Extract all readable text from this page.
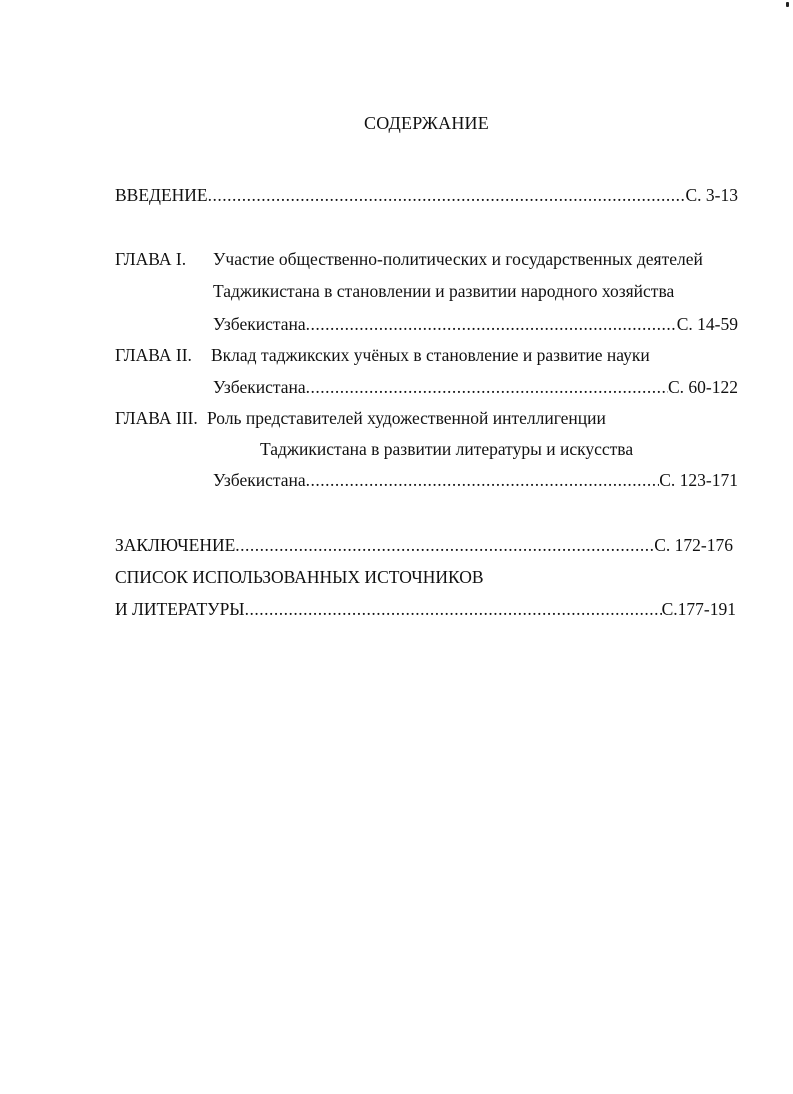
СОДЕРЖАНИЕ
ВВЕДЕНИЕ .....	С. 3-13
ГЛАВА I. Участие общественно-политических и государственных деятелей
Таджикистана в становлении и развитии народного хозяйства
Узбекистана .....	С. 14-59
ГЛАВА II. Вклад таджикских учёных в становление и развитие науки
Узбекистана .....	С. 60-122
ГЛАВА III. Роль представителей художественной интеллигенции
Таджикистана в развитии литературы и искусства
Узбекистана .....	С. 123-171
ЗАКЛЮЧЕНИЕ .....	С. 172-176
СПИСОК ИСПОЛЬЗОВАННЫХ ИСТОЧНИКОВ
И ЛИТЕРАТУРЫ .....	С.177-191
